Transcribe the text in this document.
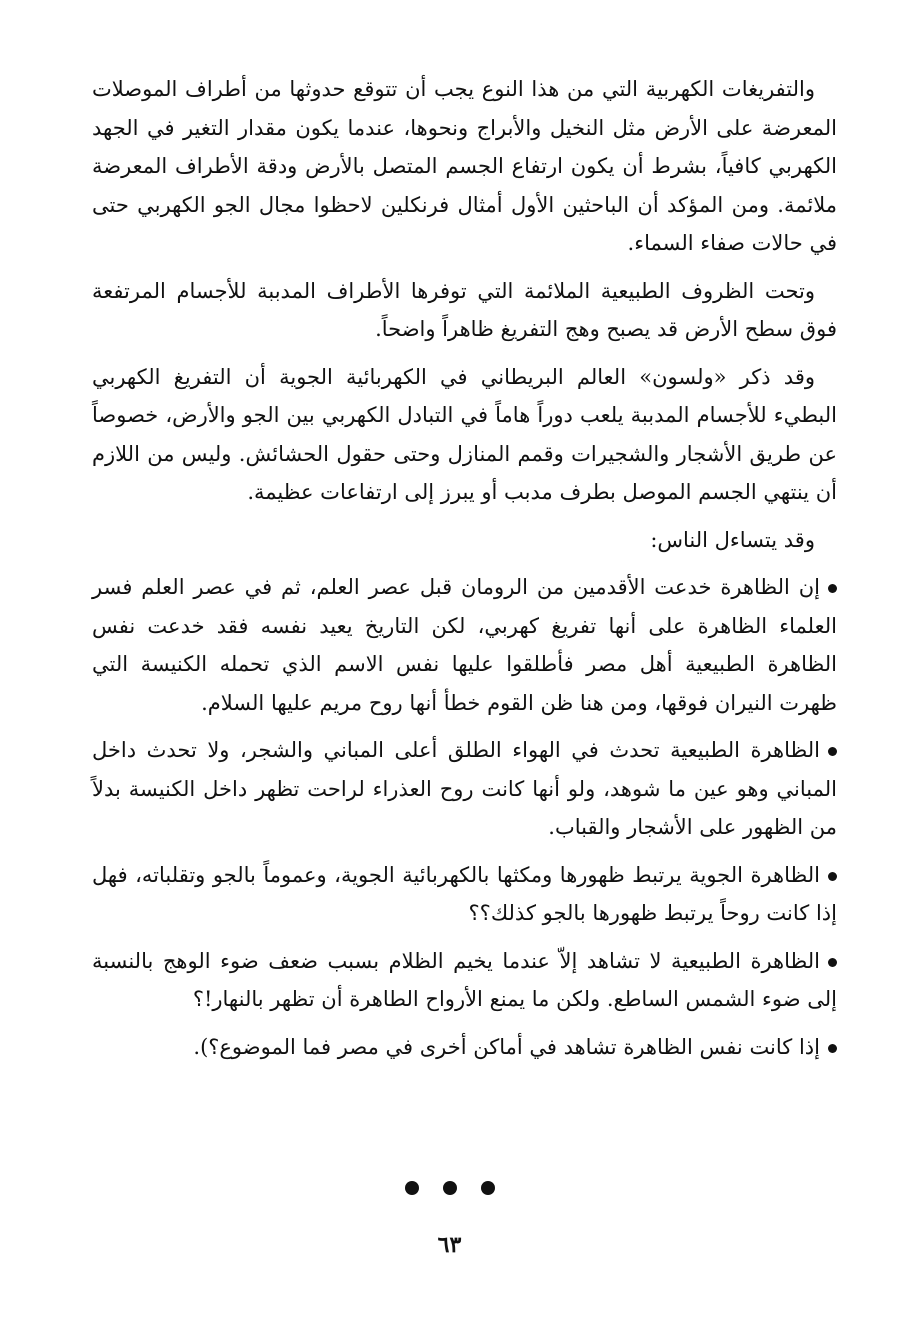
والتفريغات الكهربية التي من هذا النوع يجب أن تتوقع حدوثها من أطراف الموصلات المعرضة على الأرض مثل النخيل والأبراج ونحوها، عندما يكون مقدار التغير في الجهد الكهربي كافياً، بشرط أن يكون ارتفاع الجسم المتصل بالأرض ودقة الأطراف المعرضة ملائمة. ومن المؤكد أن الباحثين الأول أمثال فرنكلين لاحظوا مجال الجو الكهربي حتى في حالات صفاء السماء.

وتحت الظروف الطبيعية الملائمة التي توفرها الأطراف المدببة للأجسام المرتفعة فوق سطح الأرض قد يصبح وهج التفريغ ظاهراً واضحاً.

وقد ذكر «ولسون» العالم البريطاني في الكهربائية الجوية أن التفريغ الكهربي البطيء للأجسام المدببة يلعب دوراً هاماً في التبادل الكهربي بين الجو والأرض، خصوصاً عن طريق الأشجار والشجيرات وقمم المنازل وحتى حقول الحشائش. وليس من اللازم أن ينتهي الجسم الموصل بطرف مدبب أو يبرز إلى ارتفاعات عظيمة.

وقد يتساءل الناس:

إن الظاهرة خدعت الأقدمين من الرومان قبل عصر العلم، ثم في عصر العلم فسر العلماء الظاهرة على أنها تفريغ كهربي، لكن التاريخ يعيد نفسه فقد خدعت نفس الظاهرة الطبيعية أهل مصر فأطلقوا عليها نفس الاسم الذي تحمله الكنيسة التي ظهرت النيران فوقها، ومن هنا ظن القوم خطأ أنها روح مريم عليها السلام.

الظاهرة الطبيعية تحدث في الهواء الطلق أعلى المباني والشجر، ولا تحدث داخل المباني وهو عين ما شوهد، ولو أنها كانت روح العذراء لراحت تظهر داخل الكنيسة بدلاً من الظهور على الأشجار والقباب.

الظاهرة الجوية يرتبط ظهورها ومكثها بالكهربائية الجوية، وعموماً بالجو وتقلباته، فهل إذا كانت روحاً يرتبط ظهورها بالجو كذلك؟؟

الظاهرة الطبيعية لا تشاهد إلاّ عندما يخيم الظلام بسبب ضعف ضوء الوهج بالنسبة إلى ضوء الشمس الساطع. ولكن ما يمنع الأرواح الطاهرة أن تظهر بالنهار!؟

إذا كانت نفس الظاهرة تشاهد في أماكن أخرى في مصر فما الموضوع؟).

٦٣
